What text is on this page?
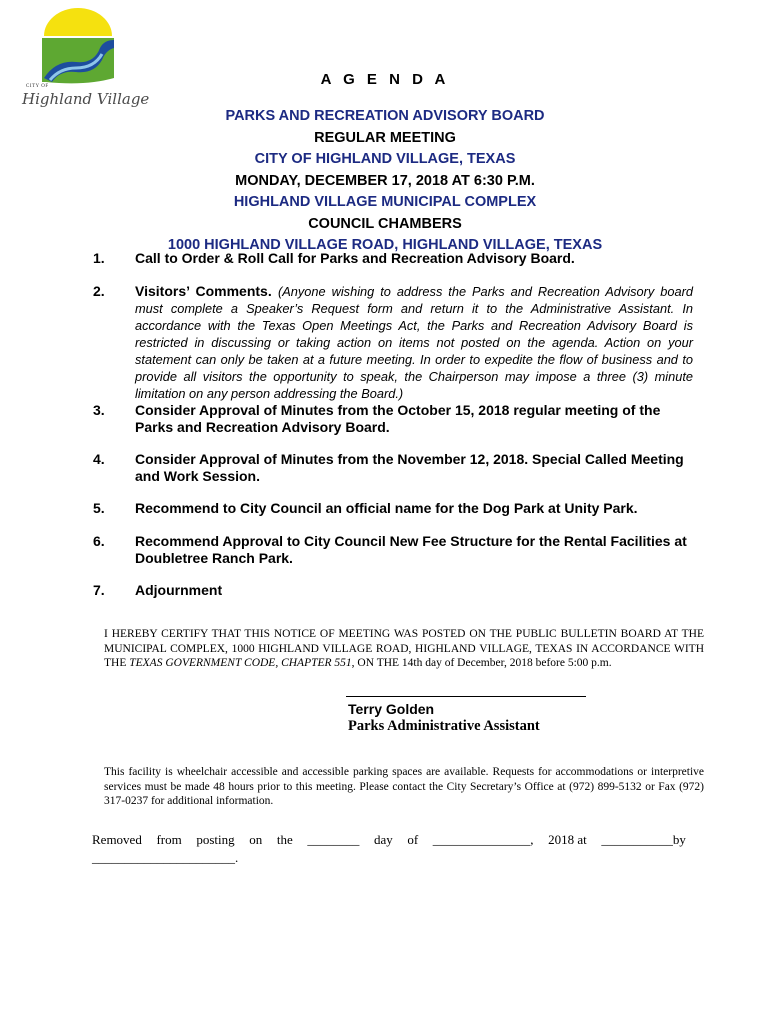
CITY OF
Highland Village
A G E N D A
PARKS AND RECREATION ADVISORY BOARD
REGULAR MEETING
CITY OF HIGHLAND VILLAGE, TEXAS
MONDAY, DECEMBER 17, 2018 AT 6:30 P.M.
HIGHLAND VILLAGE MUNICIPAL COMPLEX
COUNCIL CHAMBERS
1000 HIGHLAND VILLAGE ROAD, HIGHLAND VILLAGE, TEXAS
1. Call to Order & Roll Call for Parks and Recreation Advisory Board.
2. Visitors’ Comments. (Anyone wishing to address the Parks and Recreation Advisory board must complete a Speaker’s Request form and return it to the Administrative Assistant. In accordance with the Texas Open Meetings Act, the Parks and Recreation Advisory Board is restricted in discussing or taking action on items not posted on the agenda. Action on your statement can only be taken at a future meeting. In order to expedite the flow of business and to provide all visitors the opportunity to speak, the Chairperson may impose a three (3) minute limitation on any person addressing the Board.)
3. Consider Approval of Minutes from the October 15, 2018 regular meeting of the Parks and Recreation Advisory Board.
4. Consider Approval of Minutes from the November 12, 2018. Special Called Meeting and Work Session.
5. Recommend to City Council an official name for the Dog Park at Unity Park.
6. Recommend Approval to City Council New Fee Structure for the Rental Facilities at Doubletree Ranch Park.
7. Adjournment
I HEREBY CERTIFY THAT THIS NOTICE OF MEETING WAS POSTED ON THE PUBLIC BULLETIN BOARD AT THE MUNICIPAL COMPLEX, 1000 HIGHLAND VILLAGE ROAD, HIGHLAND VILLAGE, TEXAS IN ACCORDANCE WITH THE TEXAS GOVERNMENT CODE, CHAPTER 551, ON THE 14th day of December, 2018 before 5:00 p.m.
Terry Golden
Parks Administrative Assistant
This facility is wheelchair accessible and accessible parking spaces are available. Requests for accommodations or interpretive services must be made 48 hours prior to this meeting. Please contact the City Secretary’s Office at (972) 899-5132 or Fax (972) 317-0237 for additional information.
Removed from posting on the ________ day of _______________, 2018 at ___________by
______________________.
